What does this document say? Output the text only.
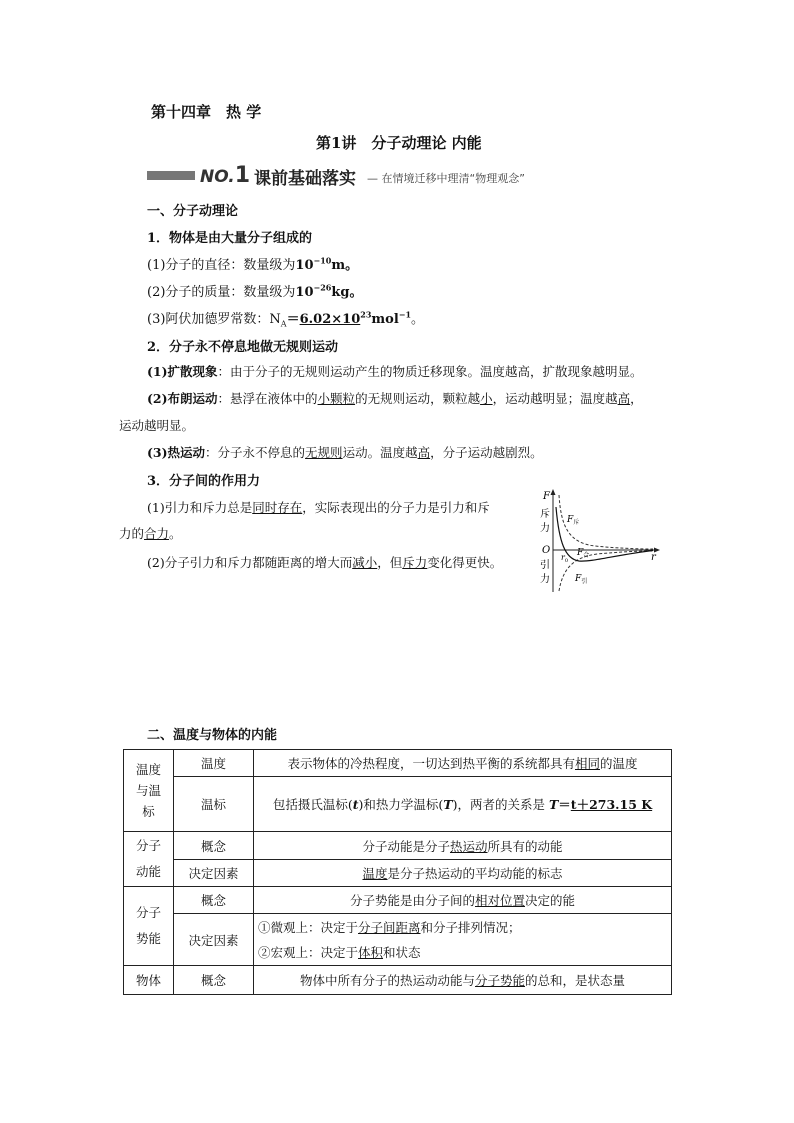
第十四章　热 学
第1讲　分子动理论 内能
NO.1 课前基础落实 — 在情境迁移中理清“物理观念”
一、分子动理论
1．物体是由大量分子组成的
(1)分子的直径：数量级为$10^{-10}m$。
(2)分子的质量：数量级为$10^{-26}kg$。
(3)阿伏加德罗常数：$N_A=6.02\times 10^{23}mol^{-1}$。
2．分子永不停息地做无规则运动
(1)扩散现象：由于分子的无规则运动产生的物质迁移现象。温度越高，扩散现象越明显。
(2)布朗运动：悬浮在液体中的小颗粒的无规则运动，颗粒越小，运动越明显；温度越高，
运动越明显。
(3)热运动：分子永不停息的无规则运动。温度越高，分子运动越剧烈。
3．分子间的作用力
(1)引力和斥力总是同时存在，实际表现出的分子力是引力和斥
力的合力。
(2)分子引力和斥力都随距离的增大而减小，但斥力变化得更快。
F
r
O
斥
力
引
力
$F_斥$
$F_合$
$F_引$
$r_0$
二、温度与物体的内能
温度
与温
标	温度	表示物体的冷热程度，一切达到热平衡的系统都具有相同的温度
	温标	包括摄氏温标(t)和热力学温标(T)，两者的关系是 T＝t＋273.15 K
分子
动能	概念	分子动能是分子热运动所具有的动能
	决定因素	温度是分子热运动的平均动能的标志
分子
势能	概念	分子势能是由分子间的相对位置决定的能
	决定因素	①微观上：决定于分子间距离和分子排列情况；
②宏观上：决定于体积和状态
物体	概念	物体中所有分子的热运动动能与分子势能的总和，是状态量
